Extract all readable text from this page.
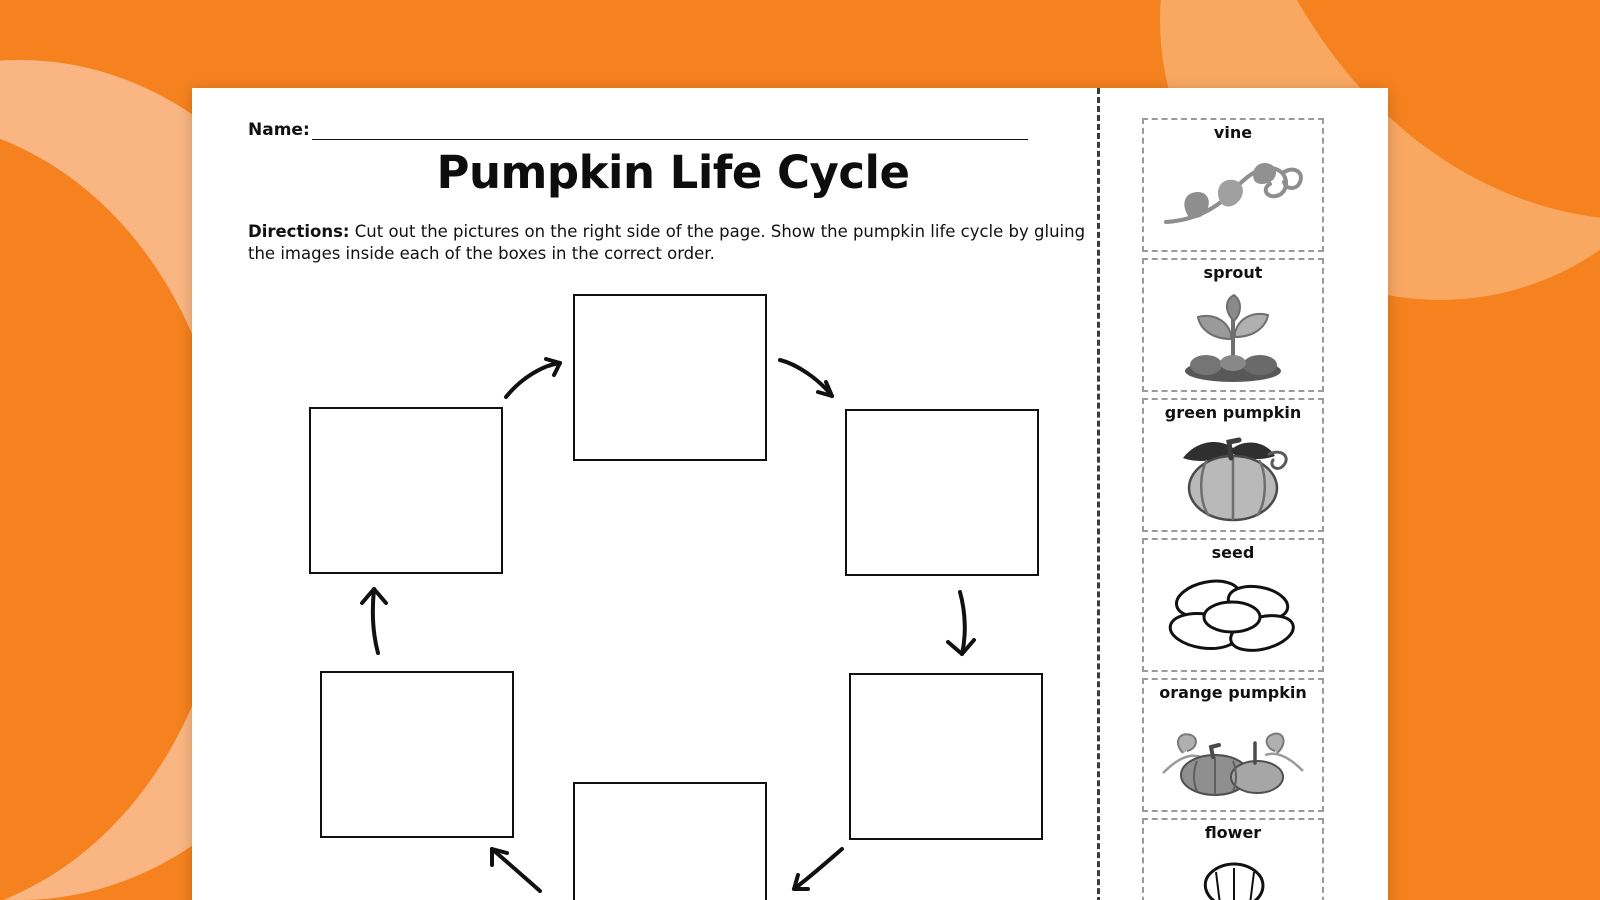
Name:
Pumpkin Life Cycle
Directions: Cut out the pictures on the right side of the page. Show the pumpkin life cycle by gluing the images inside each of the boxes in the correct order.
vine
sprout
green pumpkin
seed
orange pumpkin
flower
